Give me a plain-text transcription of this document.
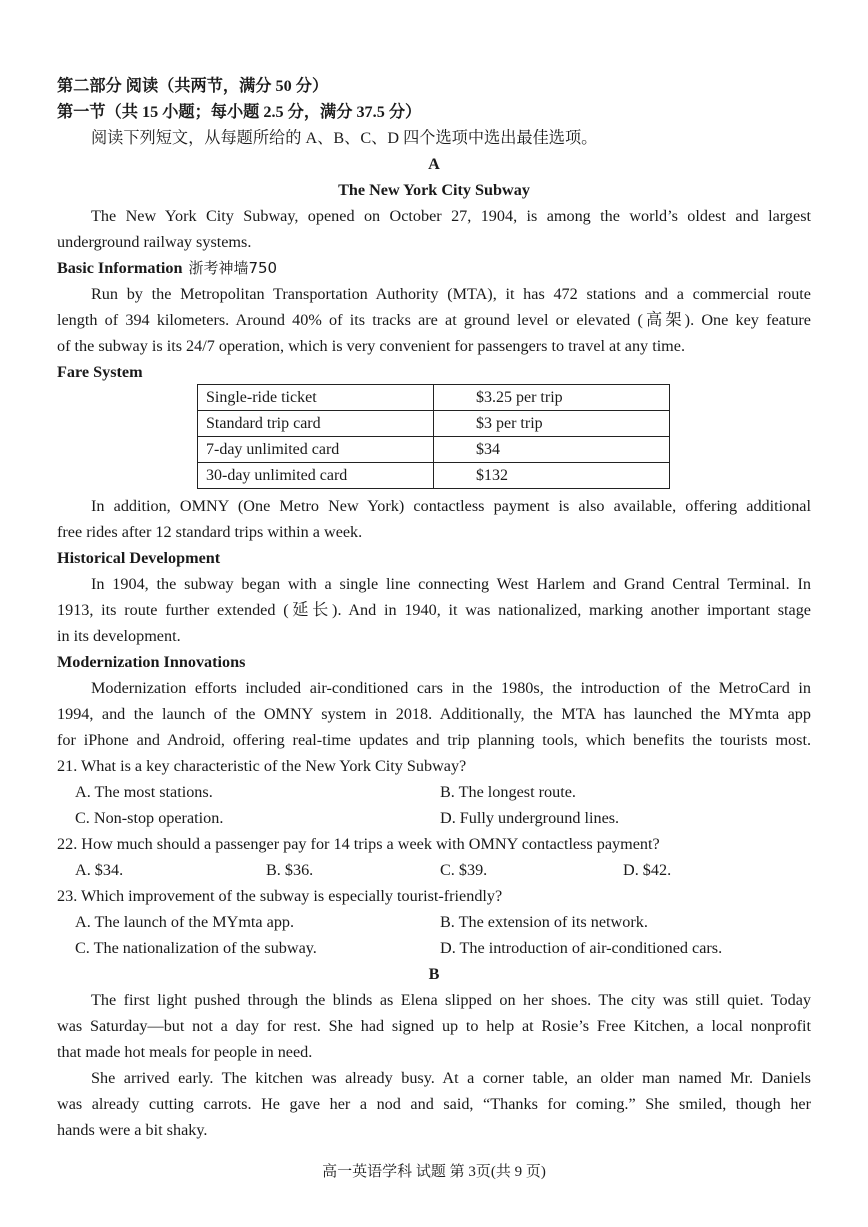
第二部分 阅读（共两节，满分 50 分）
第一节（共 15 小题；每小题 2.5 分，满分 37.5 分）
阅读下列短文，从每题所给的 A、B、C、D 四个选项中选出最佳选项。
A
The New York City Subway
The New York City Subway, opened on October 27, 1904, is among the world’s oldest and largest
underground railway systems.
Basic Information 浙考神墙750
Run by the Metropolitan Transportation Authority (MTA), it has 472 stations and a commercial route
length of 394 kilometers. Around 40% of its tracks are at ground level or elevated (高架). One key feature
of the subway is its 24/7 operation, which is very convenient for passengers to travel at any time.
Fare System
Single-ride ticket	$3.25 per trip
Standard trip card	$3 per trip
7-day unlimited card	$34
30-day unlimited card	$132
In addition, OMNY (One Metro New York) contactless payment is also available, offering additional
free rides after 12 standard trips within a week.
Historical Development
In 1904, the subway began with a single line connecting West Harlem and Grand Central Terminal. In
1913, its route further extended (延长). And in 1940, it was nationalized, marking another important stage
in its development.
Modernization Innovations
Modernization efforts included air-conditioned cars in the 1980s, the introduction of the MetroCard in
1994, and the launch of the OMNY system in 2018. Additionally, the MTA has launched the MYmta app
for iPhone and Android, offering real-time updates and trip planning tools, which benefits the tourists most.
21. What is a key characteristic of the New York City Subway?
A. The most stations.	B. The longest route.
C. Non-stop operation.	D. Fully underground lines.
22. How much should a passenger pay for 14 trips a week with OMNY contactless payment?
A. $34.	B. $36.	C. $39.	D. $42.
23. Which improvement of the subway is especially tourist-friendly?
A. The launch of the MYmta app.	B. The extension of its network.
C. The nationalization of the subway.	D. The introduction of air-conditioned cars.
B
The first light pushed through the blinds as Elena slipped on her shoes. The city was still quiet. Today
was Saturday—but not a day for rest. She had signed up to help at Rosie’s Free Kitchen, a local nonprofit
that made hot meals for people in need.
She arrived early. The kitchen was already busy. At a corner table, an older man named Mr. Daniels
was already cutting carrots. He gave her a nod and said, “Thanks for coming.” She smiled, though her
hands were a bit shaky.
高一英语学科 试题 第 3页(共 9 页)
